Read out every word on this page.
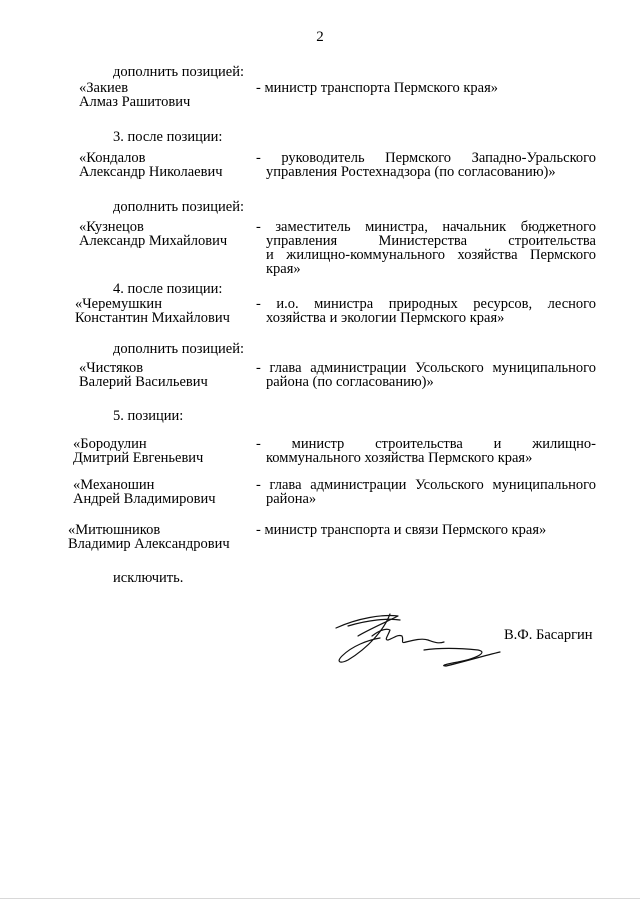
2
дополнить позицией:
3. после позиции:
дополнить позицией:
4. после позиции:
дополнить позицией:
5. позиции:
исключить.
«Закиев
Алмаз Рашитович
- министр транспорта Пермского края»
«Кондалов
Александр Николаевич
- руководитель Пермского Западно-Уральского
управления Ростехнадзора (по согласованию)»
«Кузнецов
Александр Михайлович
- заместитель министра, начальник бюджетного
управления Министерства строительства
и жилищно-коммунального хозяйства Пермского
края»
«Черемушкин
Константин Михайлович
- и.о. министра природных ресурсов, лесного
хозяйства и экологии Пермского края»
«Чистяков
Валерий Васильевич
- глава администрации Усольского муниципального
района (по согласованию)»
«Бородулин
Дмитрий Евгеньевич
- министр строительства и жилищно-
коммунального хозяйства Пермского края»
«Механошин
Андрей Владимирович
- глава администрации Усольского муниципального
района»
«Митюшников
Владимир Александрович
- министр транспорта и связи Пермского края»
В.Ф. Басаргин
